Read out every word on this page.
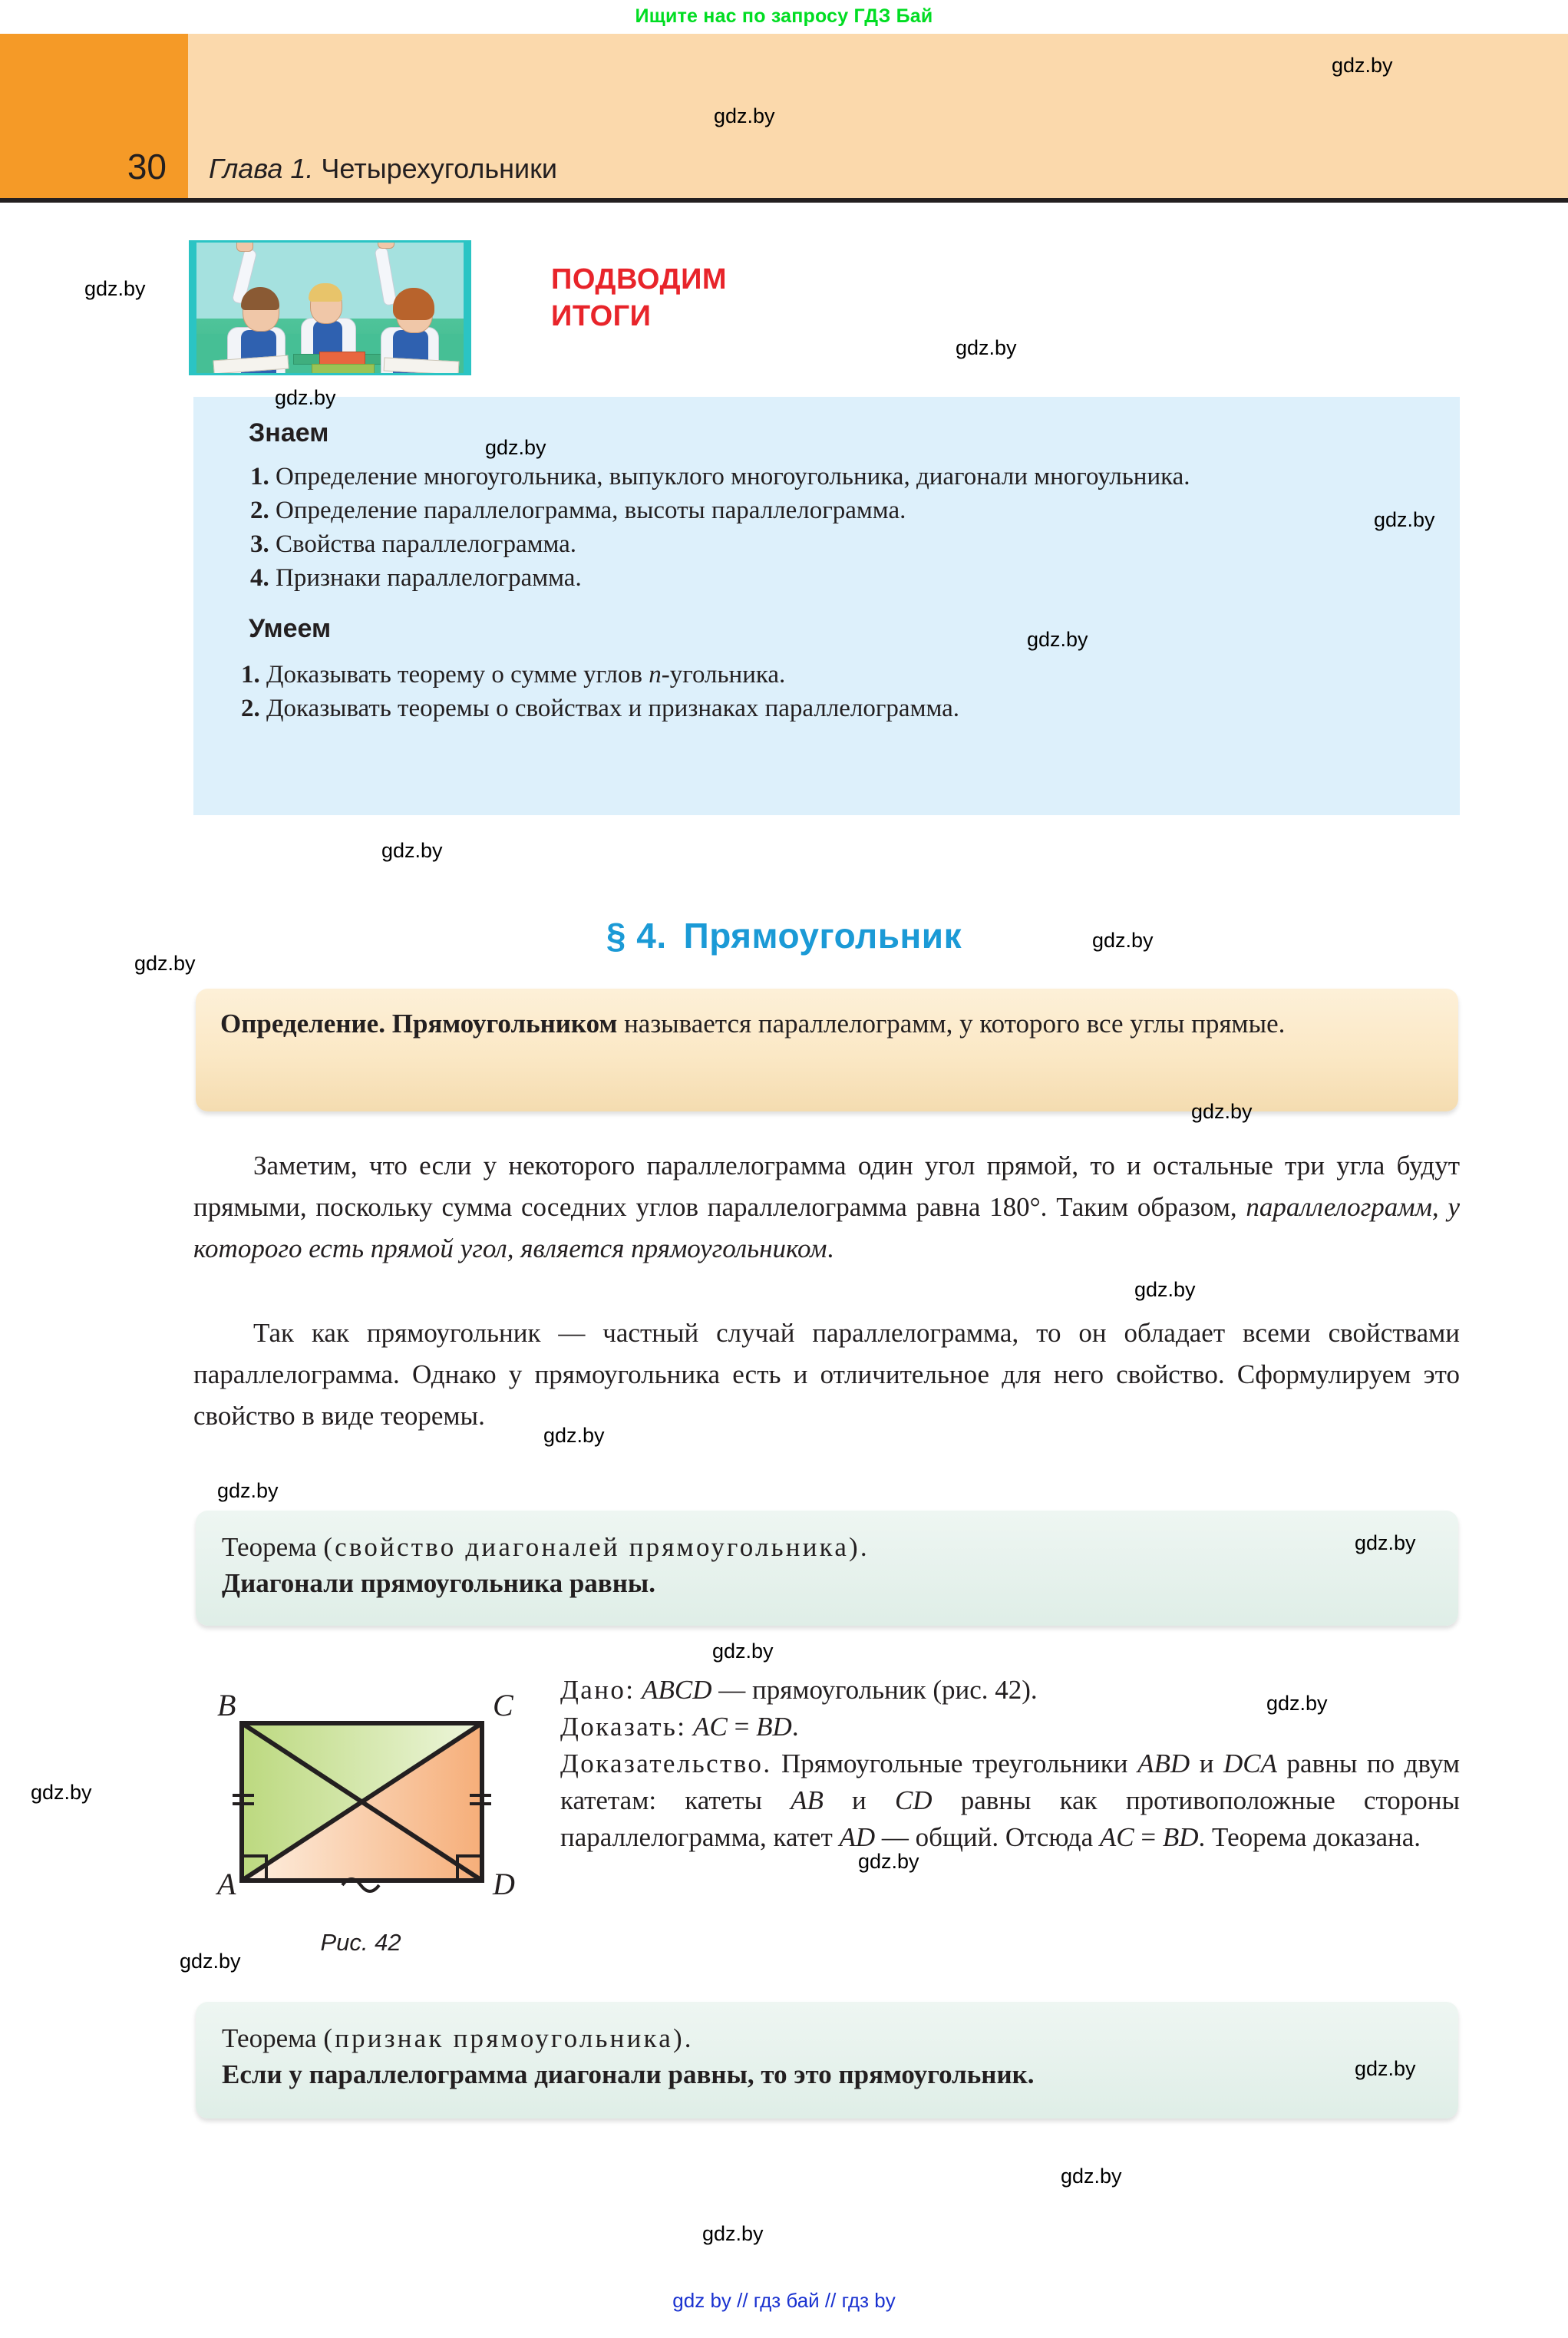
Ищите нас по запросу ГДЗ Бай
30 Глава 1. Четырехугольники
ПОДВОДИМ
ИТОГИ
Знаем
1. Определение многоугольника, выпуклого многоугольника, диагонали многоульника.
2. Определение параллелограмма, высоты параллелограмма.
3. Свойства параллелограмма.
4. Признаки параллелограмма.
Умеем
1. Доказывать теорему о сумме углов n-угольника.
2. Доказывать теоремы о свойствах и признаках параллелограмма.
§ 4. Прямоугольник

Определение. Прямоугольником называется параллелограмм, у которого все углы прямые.

Заметим, что если у некоторого параллелограмма один угол прямой, то и остальные три угла будут прямыми, поскольку сумма соседних углов параллелограмма равна 180°. Таким образом, параллелограмм, у которого есть прямой угол, является прямоугольником.

Так как прямоугольник — частный случай параллелограмма, то он обладает всеми свойствами параллелограмма. Однако у прямоугольника есть и отличительное для него свойство. Сформулируем это свойство в виде теоремы.

Теорема (свойство диагоналей прямоугольника).
Диагонали прямоугольника равны.
A
B	C
D
Рис. 42

Дано: ABCD — прямоугольник (рис. 42).

Доказать: AC = BD.

Доказательство. Прямоугольные треугольники ABD и DCA равны по двум катетам: катеты AB и CD равны как противоположные стороны параллелограмма, катет AD — общий. Отсюда AC = BD. Теорема доказана.

Теорема (признак прямоугольника).
Если у параллелограмма диагонали равны, то это прямоугольник.
gdz by // гдз бай // гдз by
gdz.by
gdz.by
gdz.by
gdz.by
gdz.by
gdz.by
gdz.by
gdz.by
gdz.by
gdz.by
gdz.by
gdz.by
gdz.by
gdz.by
gdz.by
gdz.by
gdz.by
gdz.by
gdz.by
gdz.by
gdz.by
gdz.by
gdz.by
gdz.by
